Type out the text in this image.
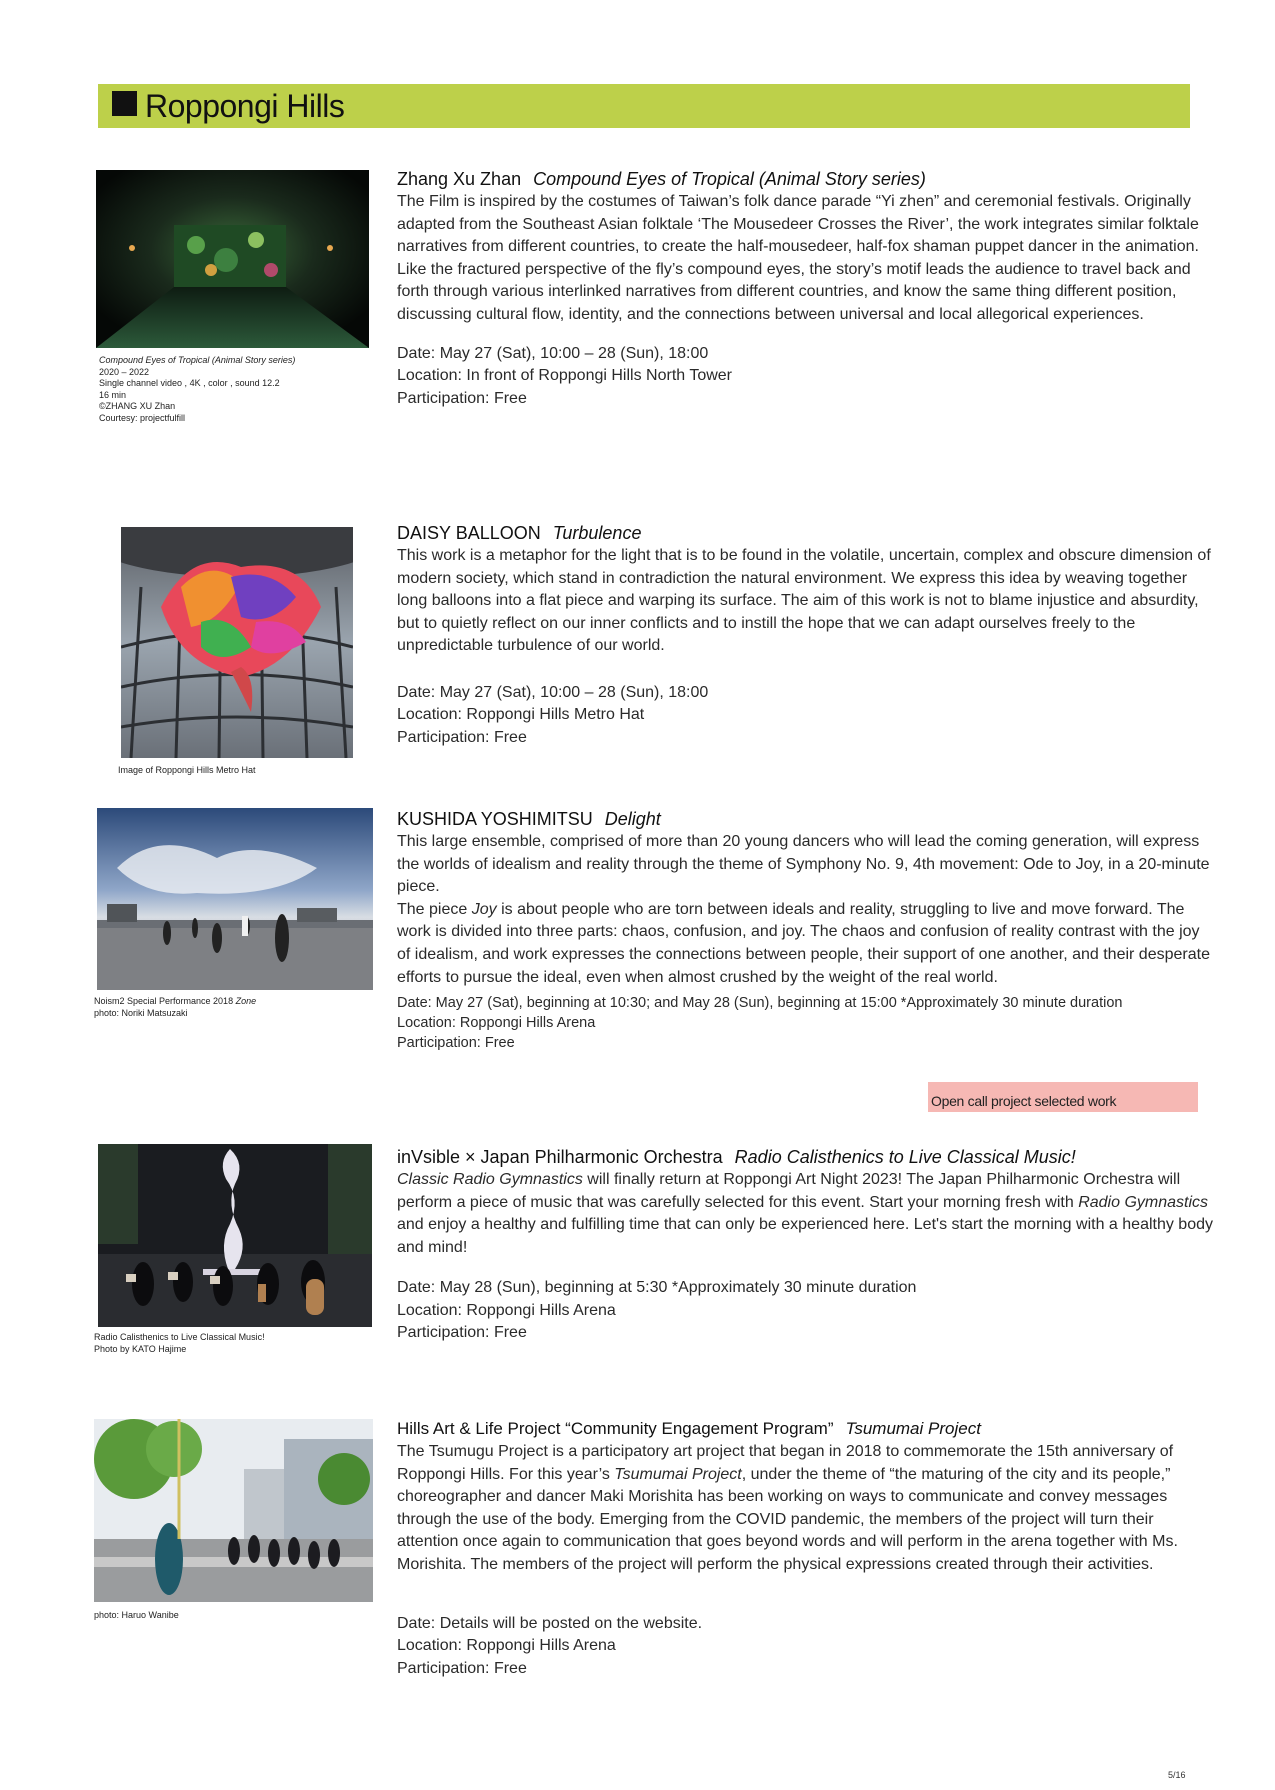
Roppongi Hills
Compound Eyes of Tropical (Animal Story series)
2020 – 2022
Single channel video , 4K , color , sound 12.2
16 min
©ZHANG XU Zhan
Courtesy: projectfulfill
Zhang Xu Zhan Compound Eyes of Tropical (Animal Story series)

The Film is inspired by the costumes of Taiwan’s folk dance parade “Yi zhen” and ceremonial festivals. Originally adapted from the Southeast Asian folktale ‘The Mousedeer Crosses the River’, the work integrates similar folktale narratives from different countries, to create the half-mousedeer, half-fox shaman puppet dancer in the animation.

Like the fractured perspective of the fly’s compound eyes, the story’s motif leads the audience to travel back and forth through various interlinked narratives from different countries, and know the same thing different position, discussing cultural flow, identity, and the connections between universal and local allegorical experiences.

Date: May 27 (Sat), 10:00 – 28 (Sun), 18:00
Location: In front of Roppongi Hills North Tower
Participation: Free
Image of Roppongi Hills Metro Hat
DAISY BALLOON Turbulence

This work is a metaphor for the light that is to be found in the volatile, uncertain, complex and obscure dimension of modern society, which stand in contradiction the natural environment. We express this idea by weaving together long balloons into a flat piece and warping its surface. The aim of this work is not to blame injustice and absurdity, but to quietly reflect on our inner conflicts and to instill the hope that we can adapt ourselves freely to the unpredictable turbulence of our world.

Date: May 27 (Sat), 10:00 – 28 (Sun), 18:00
Location: Roppongi Hills Metro Hat
Participation: Free
Noism2 Special Performance 2018 Zone
photo: Noriki Matsuzaki
KUSHIDA YOSHIMITSU Delight

This large ensemble, comprised of more than 20 young dancers who will lead the coming generation, will express the worlds of idealism and reality through the theme of Symphony No. 9, 4th movement: Ode to Joy, in a 20-minute piece.

The piece Joy is about people who are torn between ideals and reality, struggling to live and move forward. The work is divided into three parts: chaos, confusion, and joy. The chaos and confusion of reality contrast with the joy of idealism, and work expresses the connections between people, their support of one another, and their desperate efforts to pursue the ideal, even when almost crushed by the weight of the real world.

Date: May 27 (Sat), beginning at 10:30; and May 28 (Sun), beginning at 15:00 *Approximately 30 minute duration
Location: Roppongi Hills Arena
Participation: Free
Open call project selected work
Radio Calisthenics to Live Classical Music!
Photo by KATO Hajime
inVsible × Japan Philharmonic Orchestra Radio Calisthenics to Live Classical Music!

Classic Radio Gymnastics will finally return at Roppongi Art Night 2023! The Japan Philharmonic Orchestra will perform a piece of music that was carefully selected for this event. Start your morning fresh with Radio Gymnastics and enjoy a healthy and fulfilling time that can only be experienced here. Let's start the morning with a healthy body and mind!

Date: May 28 (Sun), beginning at 5:30 *Approximately 30 minute duration
Location: Roppongi Hills Arena
Participation: Free
photo: Haruo Wanibe
Hills Art & Life Project “Community Engagement Program” Tsumumai Project

The Tsumugu Project is a participatory art project that began in 2018 to commemorate the 15th anniversary of Roppongi Hills. For this year’s Tsumumai Project, under the theme of “the maturing of the city and its people,” choreographer and dancer Maki Morishita has been working on ways to communicate and convey messages through the use of the body. Emerging from the COVID pandemic, the members of the project will turn their attention once again to communication that goes beyond words and will perform in the arena together with Ms. Morishita. The members of the project will perform the physical expressions created through their activities.

Date: Details will be posted on the website.
Location: Roppongi Hills Arena
Participation: Free
5/16
